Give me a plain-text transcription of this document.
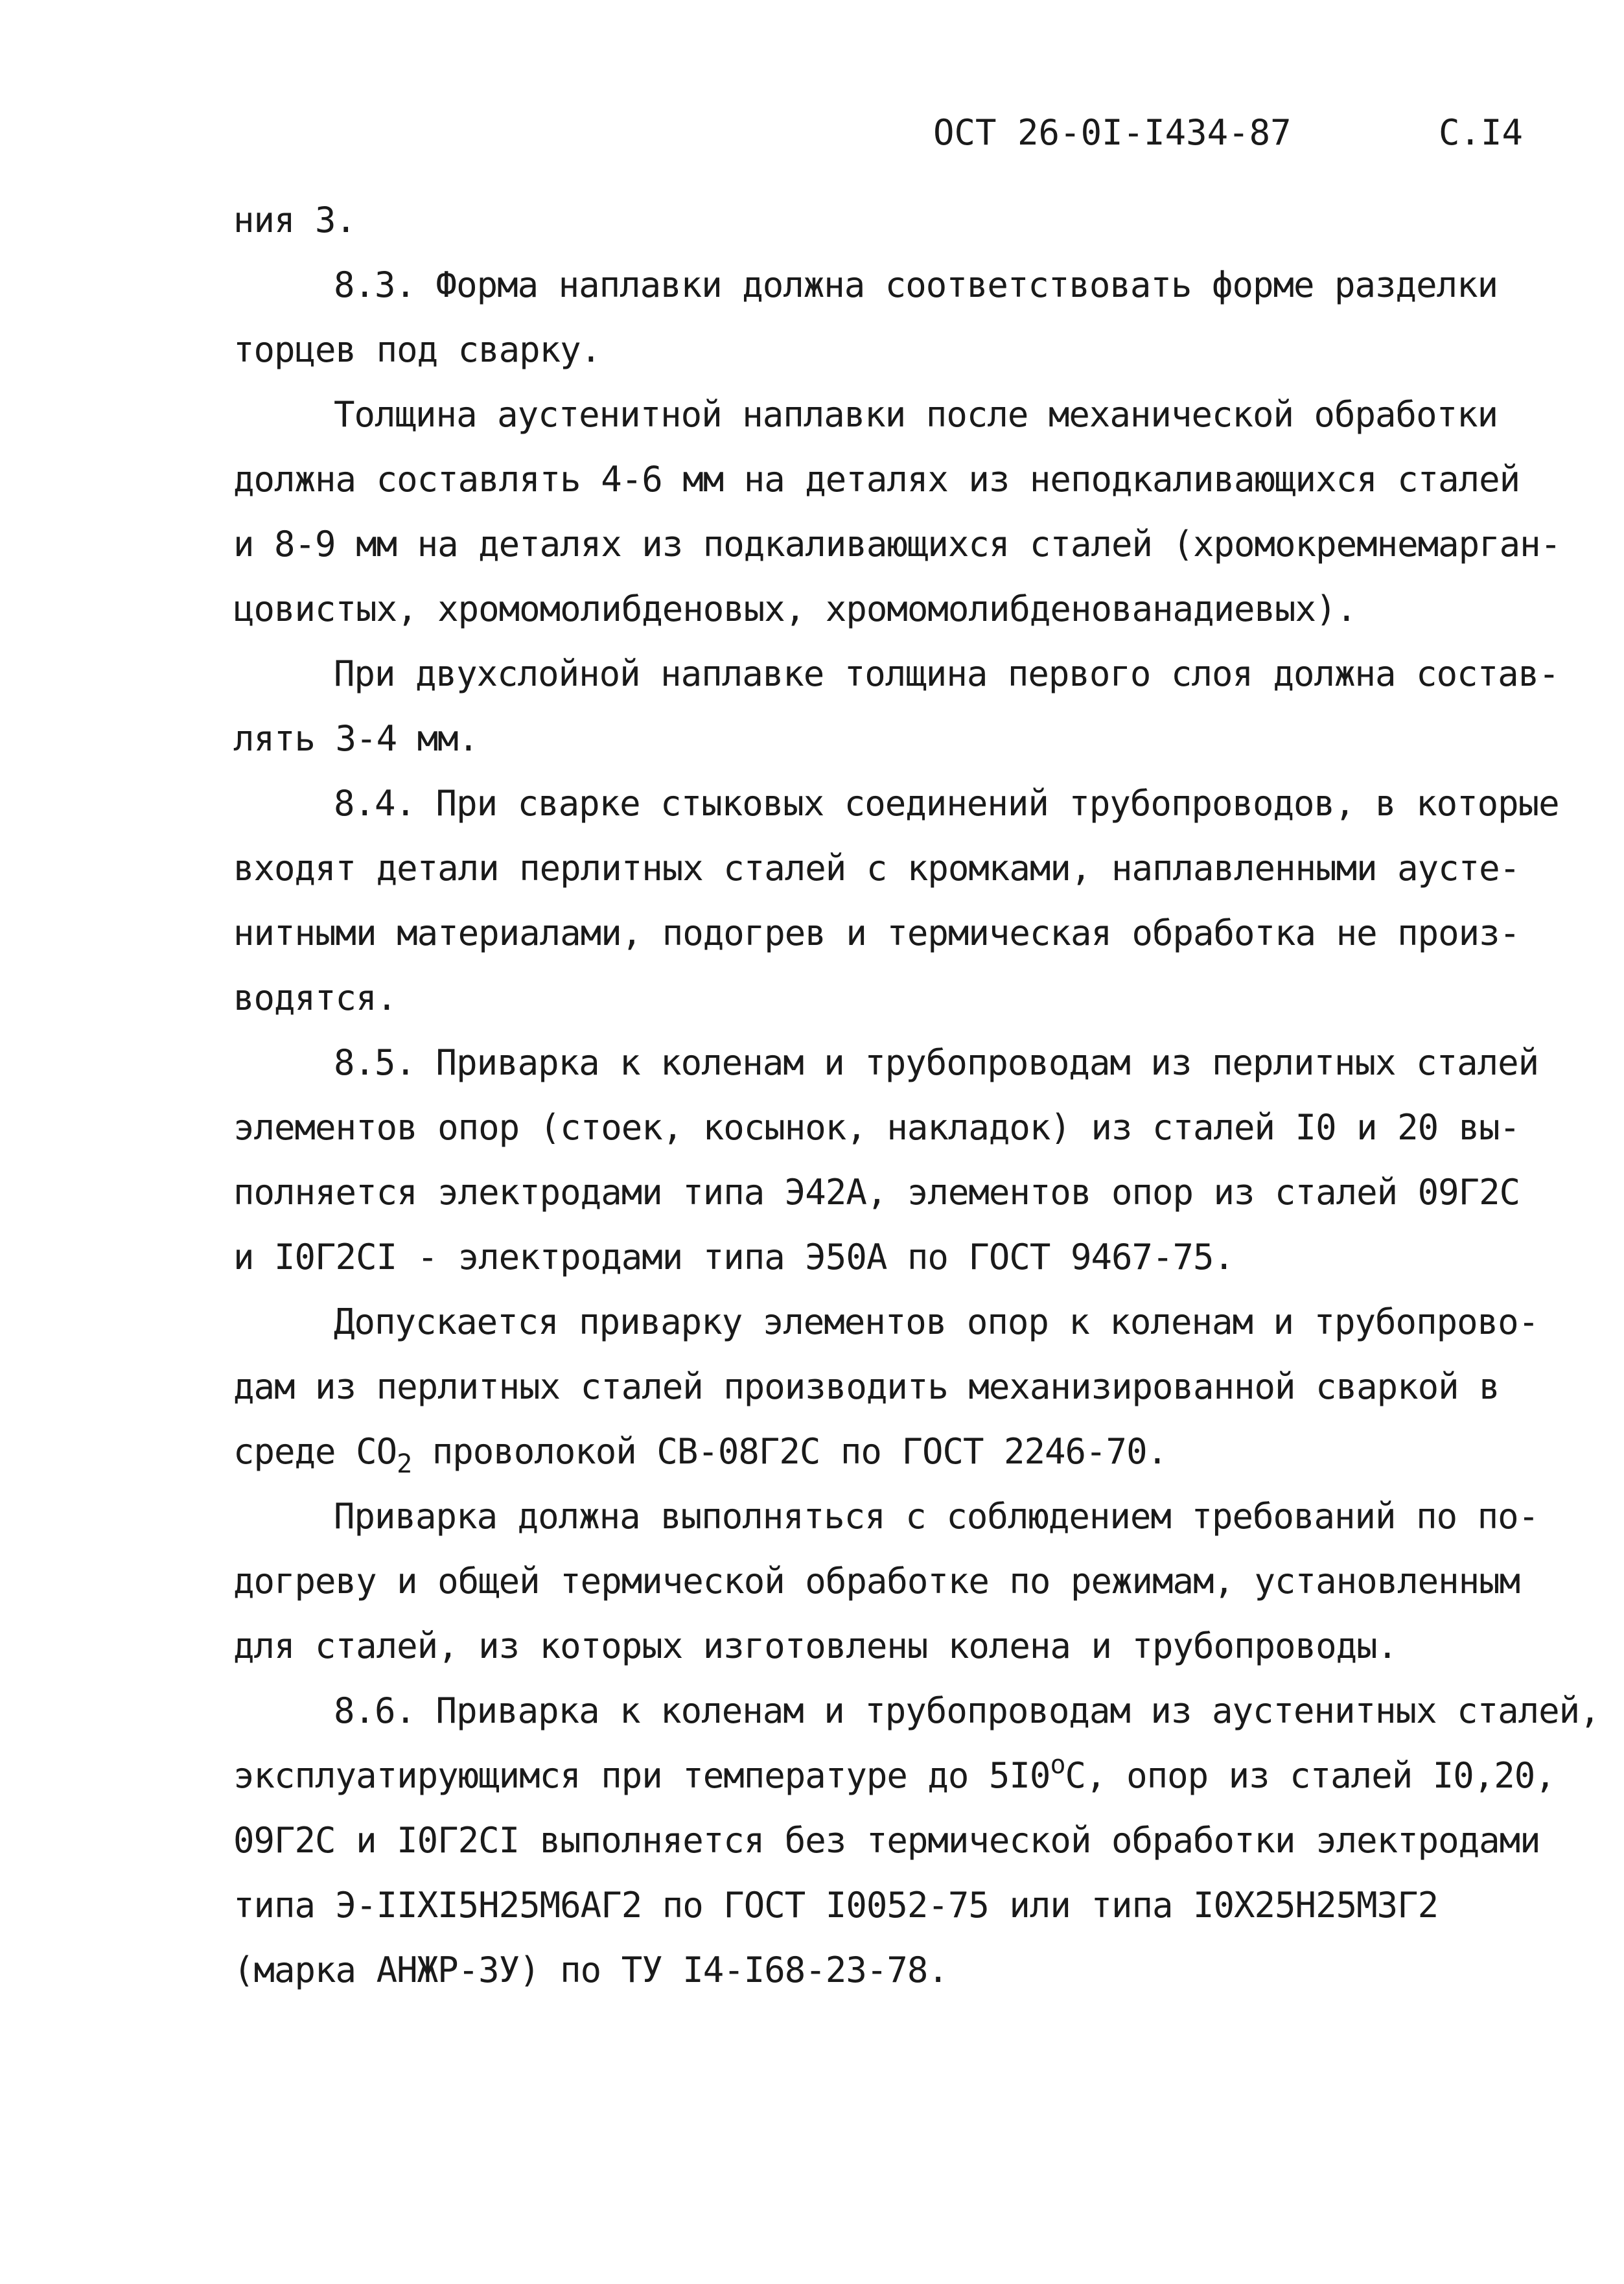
ОСТ 26-0I-I434-87	С.I4
ния 3.
8.3. Форма наплавки должна соответствовать форме разделки
торцев под сварку.
Толщина аустенитной наплавки после механической обработки
должна составлять 4-6 мм на деталях из неподкаливающихся сталей
и 8-9 мм на деталях из подкаливающихся сталей (хромокремнемарган-
цовистых, хромомолибденовых, хромомолибденованадиевых).
При двухслойной наплавке толщина первого слоя должна состав-
лять 3-4 мм.
8.4. При сварке стыковых соединений трубопроводов, в которые
входят детали перлитных сталей с кромками, наплавленными аусте-
нитными материалами, подогрев и термическая обработка не произ-
водятся.
8.5. Приварка к коленам и трубопроводам из перлитных сталей
элементов опор (стоек, косынок, накладок) из сталей I0 и 20 вы-
полняется электродами типа Э42А, элементов опор из сталей 09Г2С
и I0Г2СI - электродами типа Э50А по ГОСТ 9467-75.
Допускается приварку элементов опор к коленам и трубопрово-
дам из перлитных сталей производить механизированной сваркой в
среде $СО_2$ проволокой СВ-08Г2С по ГОСТ 2246-70.
Приварка должна выполняться с соблюдением требований по по-
догреву и общей термической обработке по режимам, установленным
для сталей, из которых изготовлены колена и трубопроводы.
8.6. Приварка к коленам и трубопроводам из аустенитных сталей,
эксплуатирующимся при температуре до $5I0^оС$, опор из сталей I0,20,
09Г2С и I0Г2СI выполняется без термической обработки электродами
типа Э-IIХI5Н25М6АГ2 по ГОСТ I0052-75 или типа I0Х25Н25М3Г2
(марка АНЖР-3У) по ТУ I4-I68-23-78.
